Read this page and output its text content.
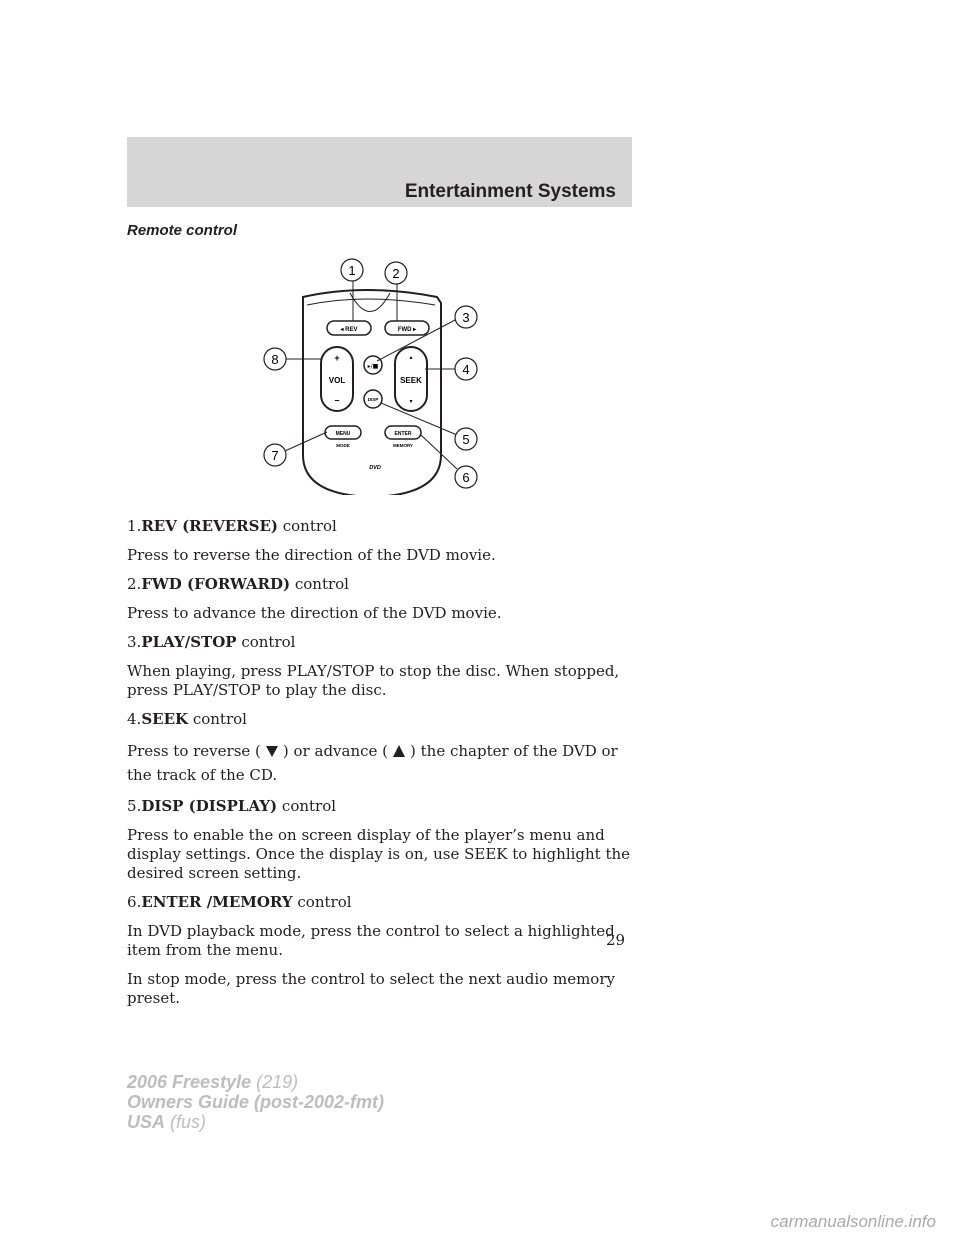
Entertainment Systems
Remote control
◂ REV	FWD ▸
+
VOL
–
▴
SEEK
▾
▸/■
DISP
MENU
MODE
ENTER
MEMORY
DVD
1	2
3
4
5
6
7
8

1.REV (REVERSE) control

Press to reverse the direction of the DVD movie.

2.FWD (FORWARD) control

Press to advance the direction of the DVD movie.

3.PLAY/STOP control

When playing, press PLAY/STOP to stop the disc. When stopped, press PLAY/STOP to play the disc.

4.SEEK control

Press to reverse ( ) or advance ( ) the chapter of the DVD or the track of the CD.

5.DISP (DISPLAY) control

Press to enable the on screen display of the player’s menu and display settings. Once the display is on, use SEEK to highlight the desired screen setting.

6.ENTER /MEMORY control

In DVD playback mode, press the control to select a highlighted item from the menu.

In stop mode, press the control to select the next audio memory preset.

29
2006 Freestyle (219)
Owners Guide (post-2002-fmt)
USA (fus)
carmanualsonline.info
